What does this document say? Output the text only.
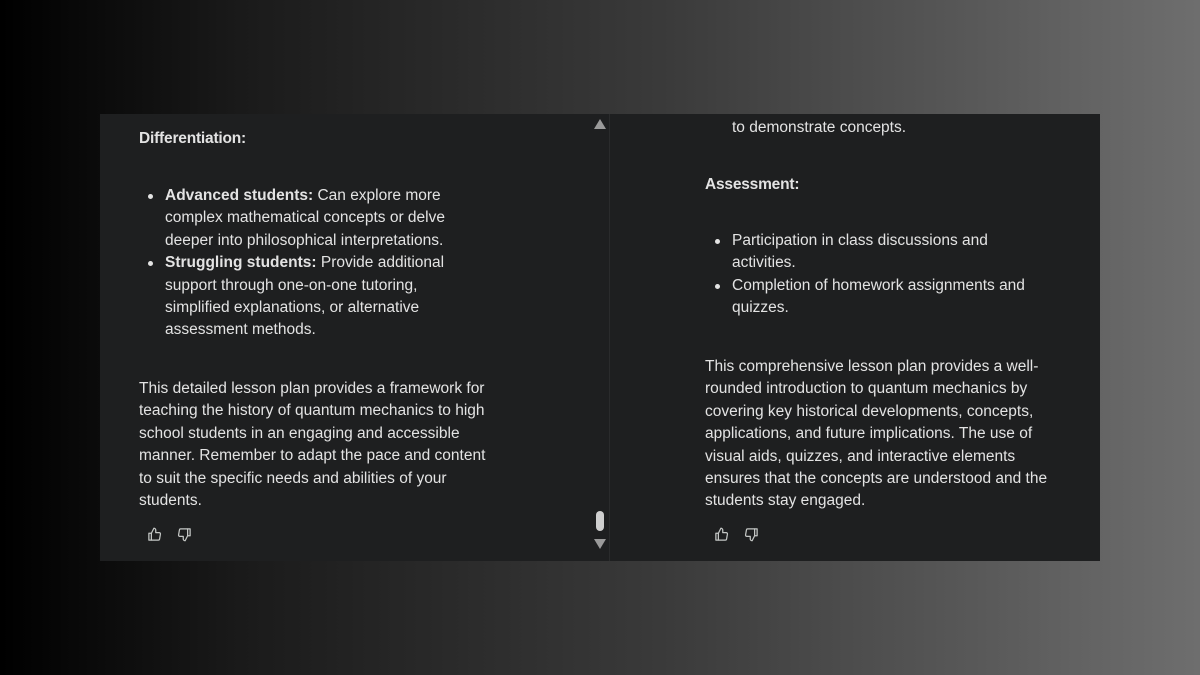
Differentiation:
Advanced students: Can explore more complex mathematical concepts or delve deeper into philosophical interpretations.
Struggling students: Provide additional support through one-on-one tutoring, simplified explanations, or alternative assessment methods.

This detailed lesson plan provides a framework for teaching the history of quantum mechanics to high school students in an engaging and accessible manner. Remember to adapt the pace and content to suit the specific needs and abilities of your students.

to demonstrate concepts.
Assessment:
Participation in class discussions and activities.
Completion of homework assignments and quizzes.

This comprehensive lesson plan provides a well-rounded introduction to quantum mechanics by covering key historical developments, concepts, applications, and future implications. The use of visual aids, quizzes, and interactive elements ensures that the concepts are understood and the students stay engaged.
